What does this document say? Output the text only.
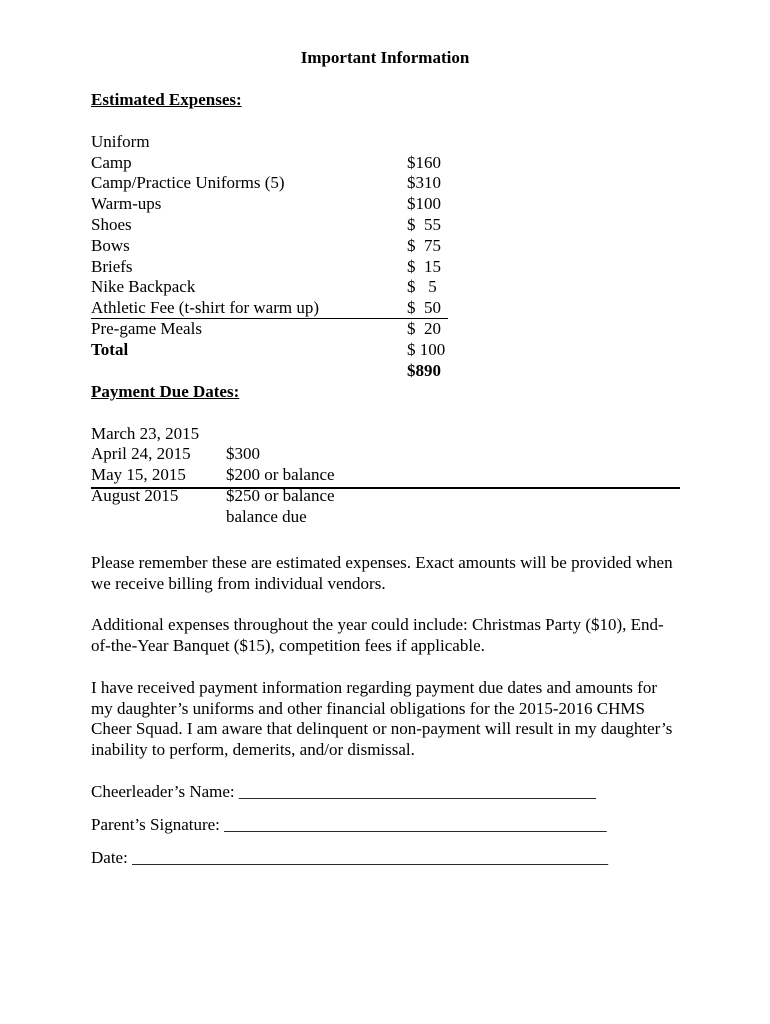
Important Information
Estimated Expenses:

Uniform

$160

Camp

$310

Camp/Practice Uniforms (5)

$100

Warm-ups

$  55

Shoes

$  75

Bows

$  15

Briefs

$   5

Nike Backpack

$  50

Athletic Fee (t-shirt for warm up)

$  20

Pre-game Meals

$ 100

Total

$890

Payment Due Dates:

March 23, 2015

$300

April 24, 2015

$200 or balance

May 15, 2015

$250 or balance

August 2015

balance due

Please remember these are estimated expenses. Exact amounts will be provided when we receive billing from individual vendors.

Additional expenses throughout the year could include: Christmas Party ($10), End-of-the-Year Banquet ($15), competition fees if applicable.

I have received payment information regarding payment due dates and amounts for my daughter’s uniforms and other financial obligations for the 2015-2016 CHMS Cheer Squad. I am aware that delinquent or non-payment will result in my daughter’s inability to perform, demerits, and/or dismissal.

Cheerleader’s Name: __________________________________________
Parent’s Signature: _____________________________________________
Date: ________________________________________________________
